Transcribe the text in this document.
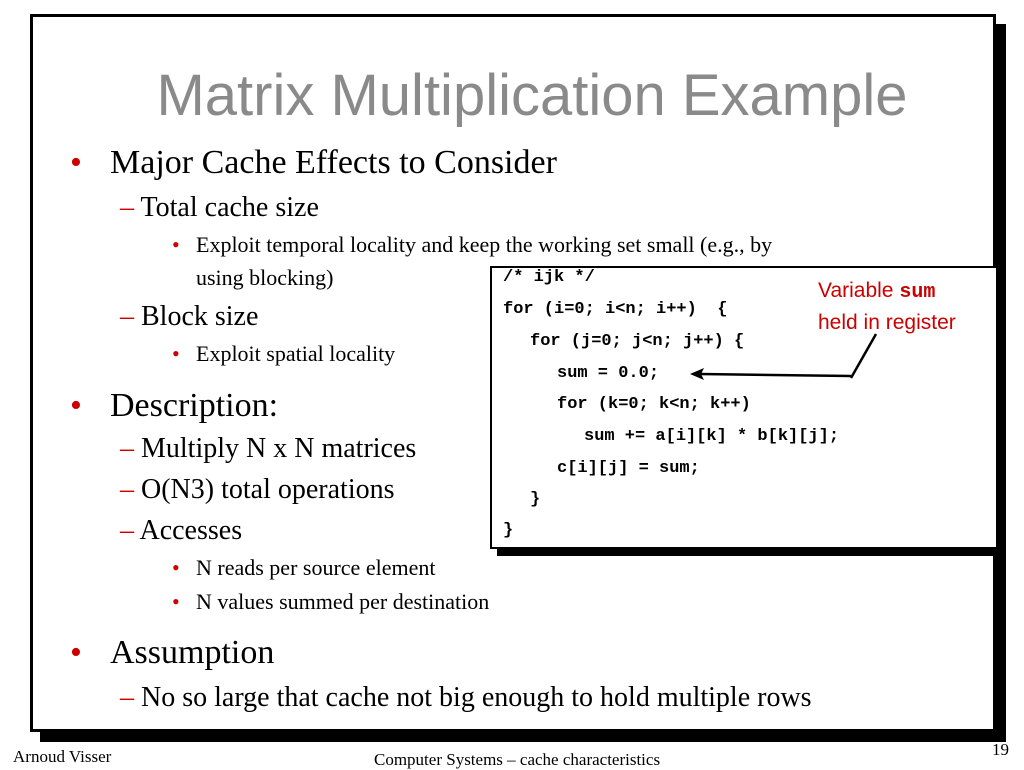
Matrix Multiplication Example
• Major Cache Effects to Consider
– Total cache size
• Exploit temporal locality and keep the working set small (e.g., by
using blocking)
– Block size
• Exploit spatial locality
• Description:
– Multiply N x N matrices
– O(N3) total operations
– Accesses
• N reads per source element
• N values summed per destination
• Assumption
– No so large that cache not big enough to hold multiple rows
/* ijk */
for (i=0; i<n; i++)  {
for (j=0; j<n; j++) {
sum = 0.0;
for (k=0; k<n; k++)
sum += a[i][k] * b[k][j];
c[i][j] = sum;
}
}
Variable sum
held in register
Arnoud Visser	Computer Systems – cache characteristics
19
